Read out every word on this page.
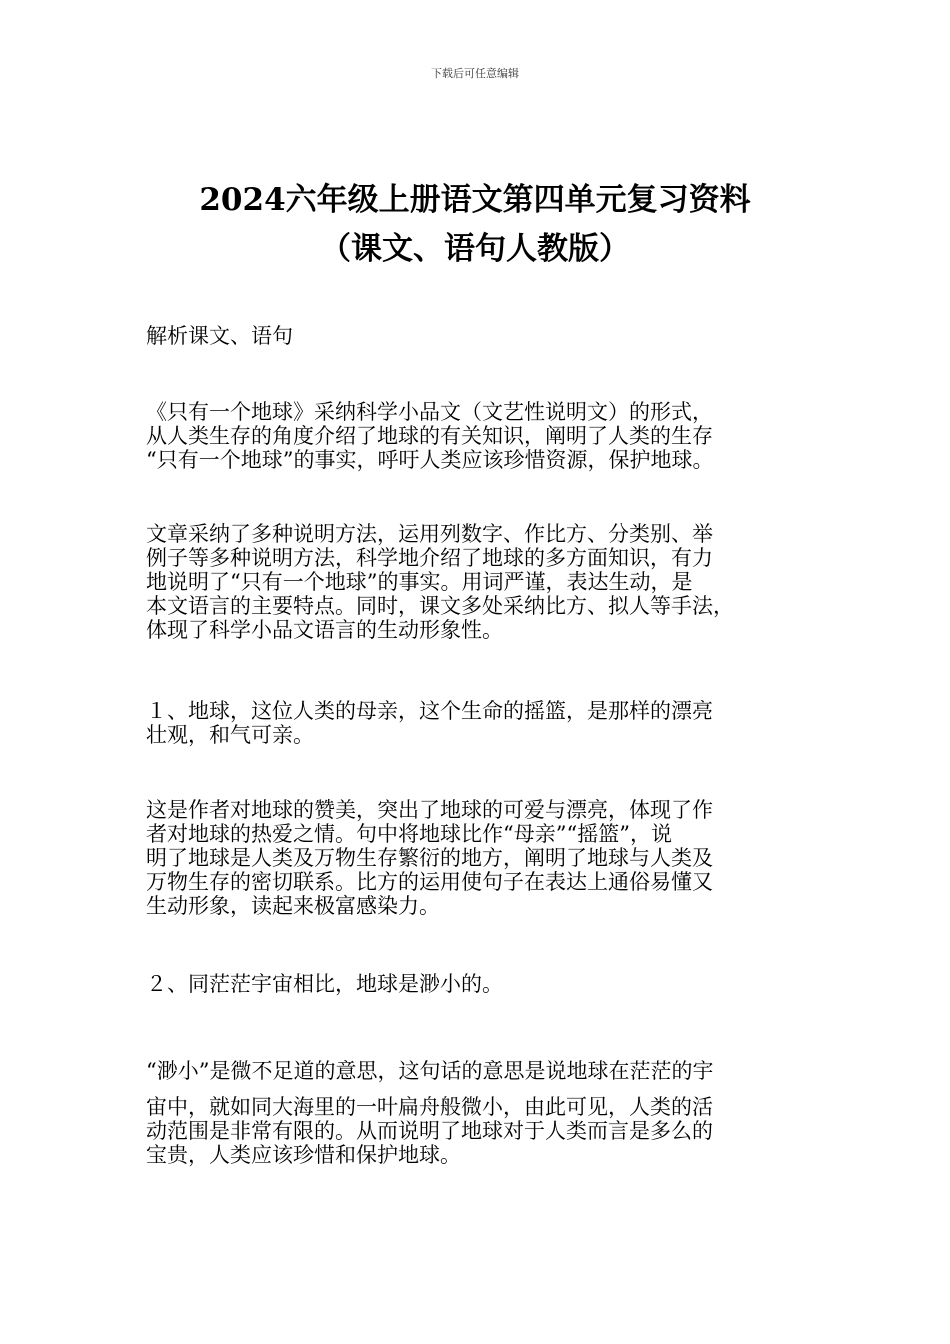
下载后可任意编辑
2024六年级上册语文第四单元复习资料
（课文、语句人教版）

解析课文、语句

《只有一个地球》采纳科学小品文（文艺性说明文）的形式，
从人类生存的角度介绍了地球的有关知识，阐明了人类的生存
“只有一个地球”的事实，呼吁人类应该珍惜资源，保护地球。

文章采纳了多种说明方法，运用列数字、作比方、分类别、举
例子等多种说明方法，科学地介绍了地球的多方面知识，有力
地说明了“只有一个地球”的事实。用词严谨，表达生动，是
本文语言的主要特点。同时，课文多处采纳比方、拟人等手法，
体现了科学小品文语言的生动形象性。

１、地球，这位人类的母亲，这个生命的摇篮，是那样的漂亮
壮观，和气可亲。

这是作者对地球的赞美，突出了地球的可爱与漂亮，体现了作
者对地球的热爱之情。句中将地球比作“母亲”“摇篮”，说
明了地球是人类及万物生存繁衍的地方，阐明了地球与人类及
万物生存的密切联系。比方的运用使句子在表达上通俗易懂又
生动形象，读起来极富感染力。

２、同茫茫宇宙相比，地球是渺小的。

“渺小”是微不足道的意思，这句话的意思是说地球在茫茫的宇

宙中，就如同大海里的一叶扁舟般微小，由此可见，人类的活
动范围是非常有限的。从而说明了地球对于人类而言是多么的
宝贵，人类应该珍惜和保护地球。
